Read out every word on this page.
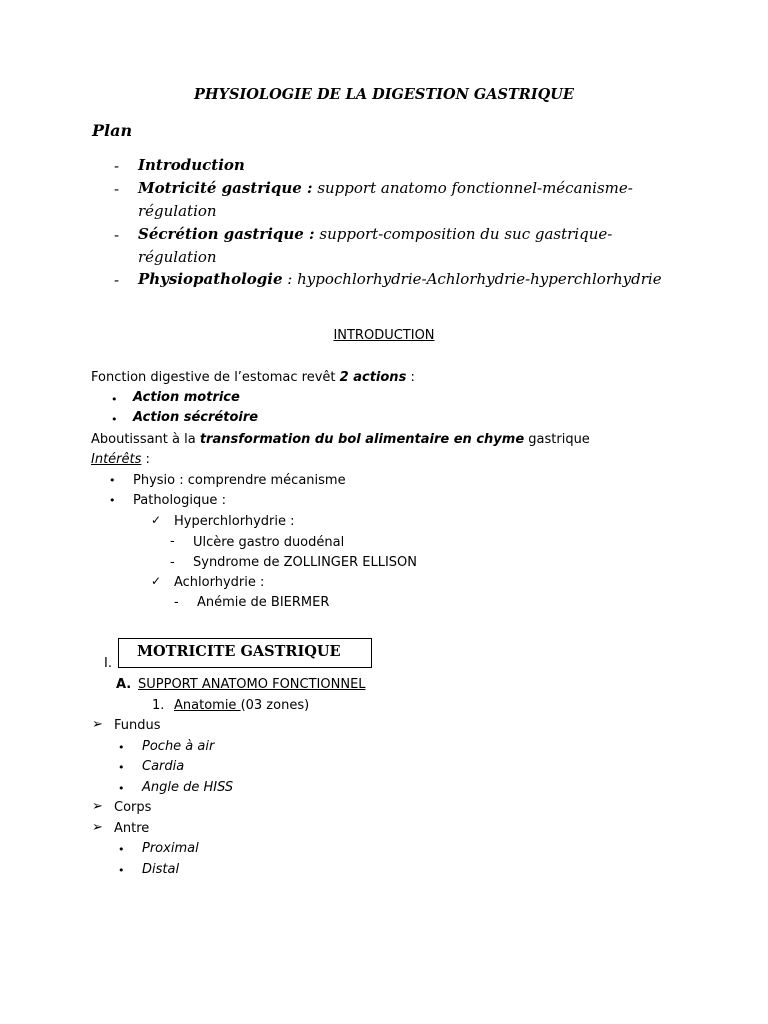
PHYSIOLOGIE DE LA DIGESTION GASTRIQUE
Plan
- Introduction
- Motricité gastrique : support anatomo fonctionnel-mécanisme-
régulation
- Sécrétion gastrique : support-composition du suc gastrique-
régulation
- Physiopathologie : hypochlorhydrie-Achlorhydrie-hyperchlorhydrie
INTRODUCTION
Fonction digestive de l’estomac revêt 2 actions :
• Action motrice
• Action sécrétoire
Aboutissant à la transformation du bol alimentaire en chyme gastrique
Intérêts :
• Physio : comprendre mécanisme
• Pathologique :
✓ Hyperchlorhydrie :
- Ulcère gastro duodénal
- Syndrome de ZOLLINGER ELLISON
✓ Achlorhydrie :
- Anémie de BIERMER
I.
MOTRICITE GASTRIQUE
A. SUPPORT ANATOMO FONCTIONNEL
1. Anatomie (03 zones)
➢ Fundus
• Poche à air
• Cardia
• Angle de HISS
➢ Corps
➢ Antre
• Proximal
• Distal
